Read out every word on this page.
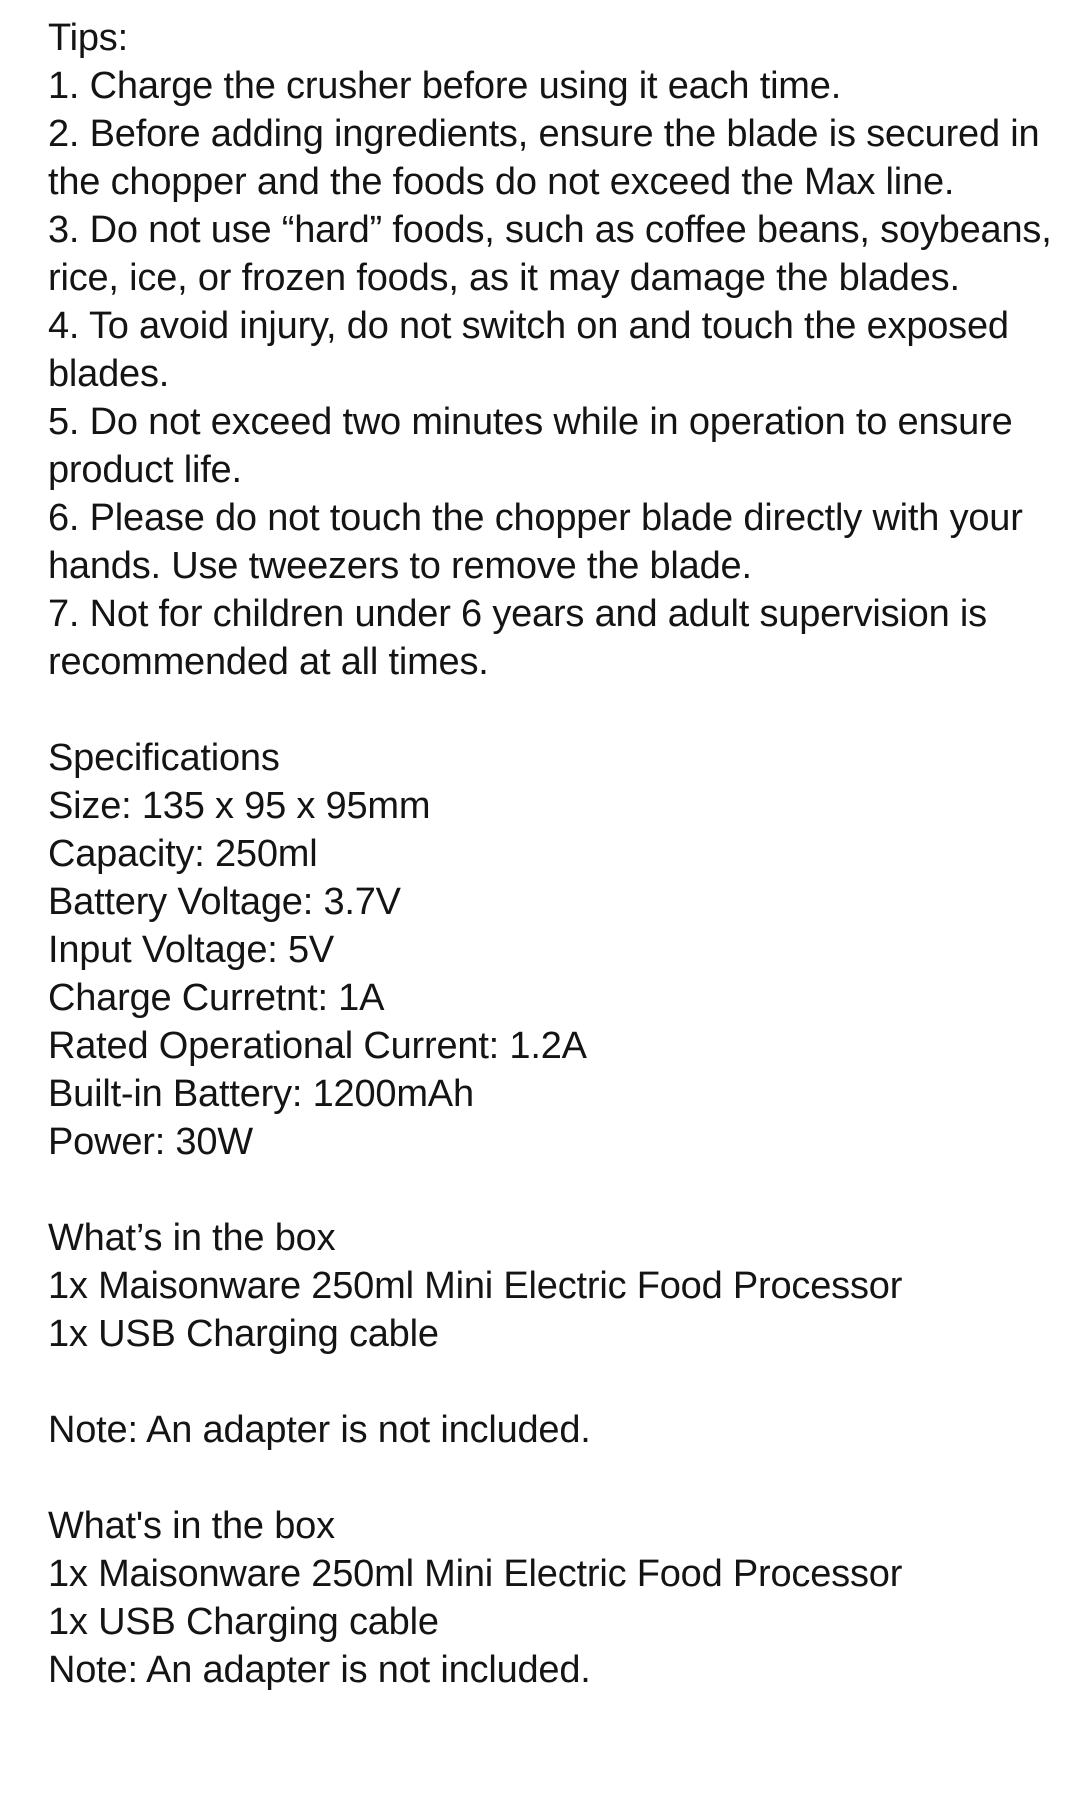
Tips:
1. Charge the crusher before using it each time.
2. Before adding ingredients, ensure the blade is secured in the chopper and the foods do not exceed the Max line.
3. Do not use “hard” foods, such as coffee beans, soybeans, rice, ice, or frozen foods, as it may damage the blades.
4. To avoid injury, do not switch on and touch the exposed blades.
5. Do not exceed two minutes while in operation to ensure product life.
6. Please do not touch the chopper blade directly with your hands. Use tweezers to remove the blade.
7. Not for children under 6 years and adult supervision is recommended at all times.
Specifications
Size: 135 x 95 x 95mm
Capacity: 250ml
Battery Voltage: 3.7V
Input Voltage: 5V
Charge Curretnt: 1A
Rated Operational Current: 1.2A
Built-in Battery: 1200mAh
Power: 30W
What’s in the box
1x Maisonware 250ml Mini Electric Food Processor
1x USB Charging cable
Note: An adapter is not included.
What's in the box
1x Maisonware 250ml Mini Electric Food Processor
1x USB Charging cable
Note: An adapter is not included.
